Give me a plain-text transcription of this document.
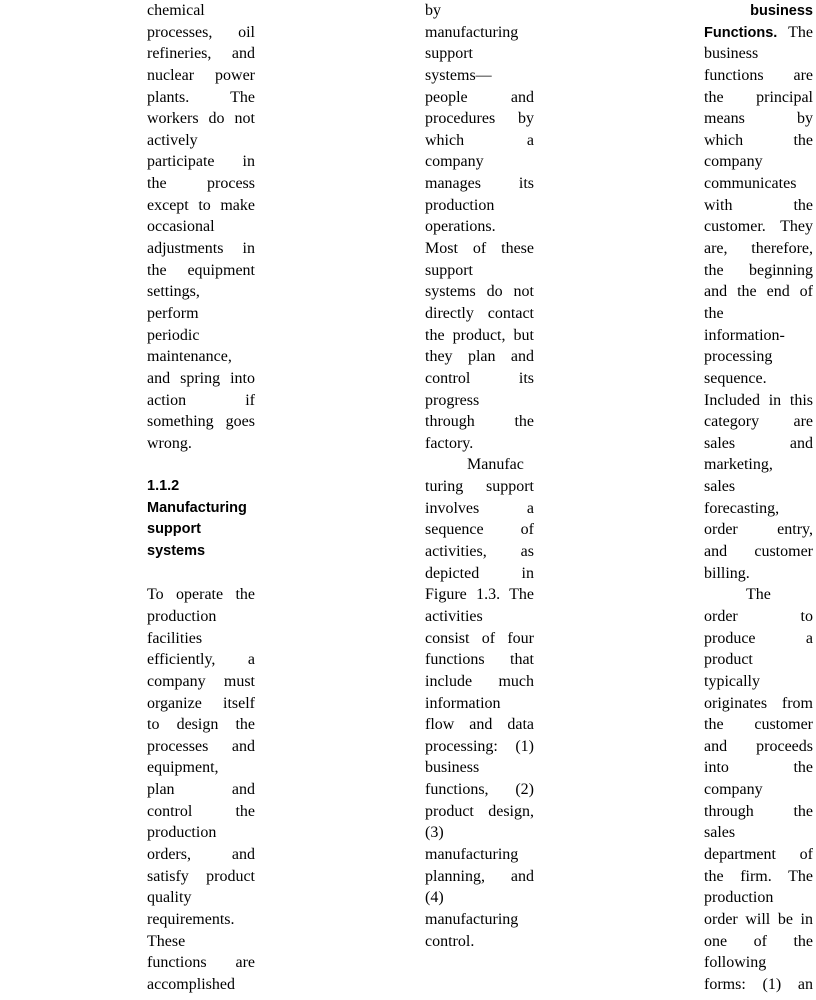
chemical
processes, oil
refineries, and
nuclear power
plants. The
workers do not
actively
participate in
the process
except to make
occasional
adjustments in
the equipment
settings,
perform
periodic
maintenance,
and spring into
action if
something goes
wrong.
1.1.2
Manufacturing
support
systems
To operate the
production
facilities
efficiently, a
company must
organize itself
to design the
processes and
equipment,
plan and
control the
production
orders, and
satisfy product
quality
requirements.
These
functions are
accomplished
by
manufacturing
support
systems—
people and
procedures by
which a
company
manages its
production
operations.
Most of these
support
systems do not
directly contact
the product, but
they plan and
control its
progress
through the
factory.
Manufac
turing support
involves a
sequence of
activities, as
depicted in
Figure 1.3. The
activities
consist of four
functions that
include much
information
flow and data
processing: (1)
business
functions, (2)
product design,
(3)
manufacturing
planning, and
(4)
manufacturing
control.
business
Functions. The
business
functions are
the principal
means by
which the
company
communicates
with the
customer. They
are, therefore,
the beginning
and the end of
the
information-
processing
sequence.
Included in this
category are
sales and
marketing,
sales
forecasting,
order entry,
and customer
billing.
The
order to
produce a
product
typically
originates from
the customer
and proceeds
into the
company
through the
sales
department of
the firm. The
production
order will be in
one of the
following
forms: (1) an
